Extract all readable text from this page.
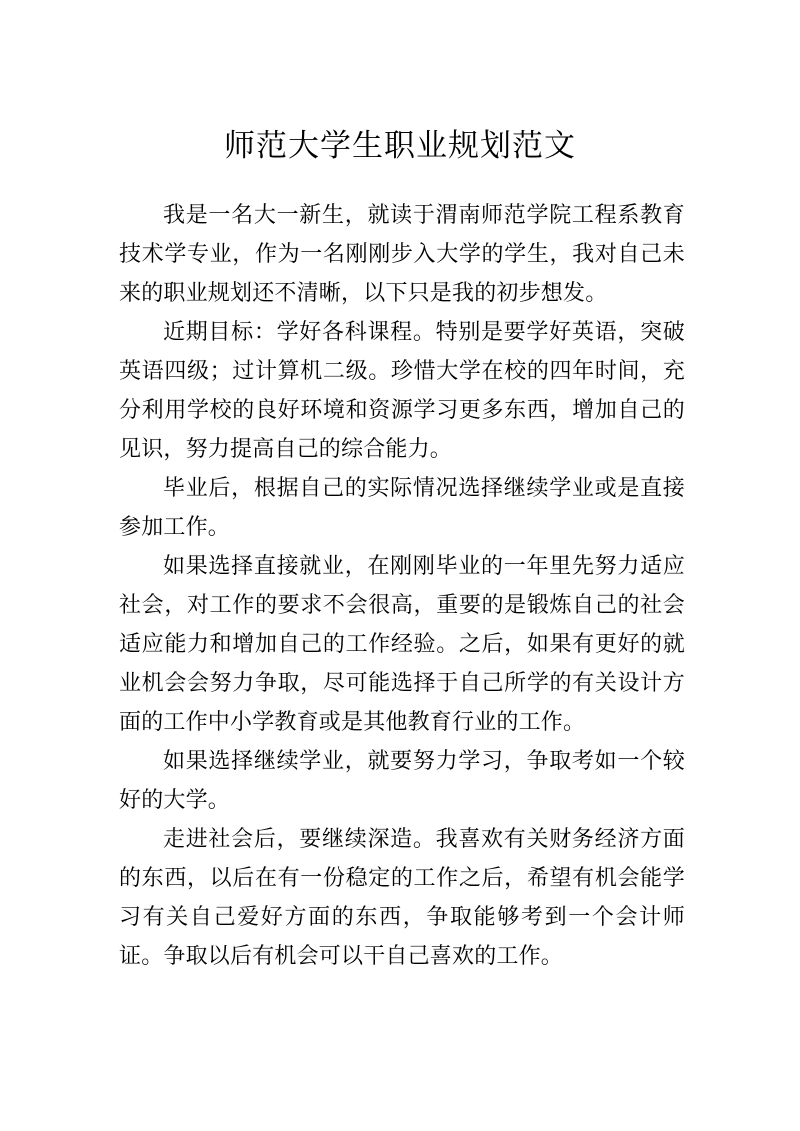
师范大学生职业规划范文

我是一名大一新生，就读于渭南师范学院工程系教育技术学专业，作为一名刚刚步入大学的学生，我对自己未来的职业规划还不清晰，以下只是我的初步想发。

近期目标：学好各科课程。特别是要学好英语，突破英语四级；过计算机二级。珍惜大学在校的四年时间，充分利用学校的良好环境和资源学习更多东西，增加自己的见识，努力提高自己的综合能力。

毕业后，根据自己的实际情况选择继续学业或是直接参加工作。

如果选择直接就业，在刚刚毕业的一年里先努力适应社会，对工作的要求不会很高，重要的是锻炼自己的社会适应能力和增加自己的工作经验。之后，如果有更好的就业机会会努力争取，尽可能选择于自己所学的有关设计方面的工作中小学教育或是其他教育行业的工作。

如果选择继续学业，就要努力学习，争取考如一个较好的大学。

走进社会后，要继续深造。我喜欢有关财务经济方面的东西，以后在有一份稳定的工作之后，希望有机会能学习有关自己爱好方面的东西，争取能够考到一个会计师证。争取以后有机会可以干自己喜欢的工作。
